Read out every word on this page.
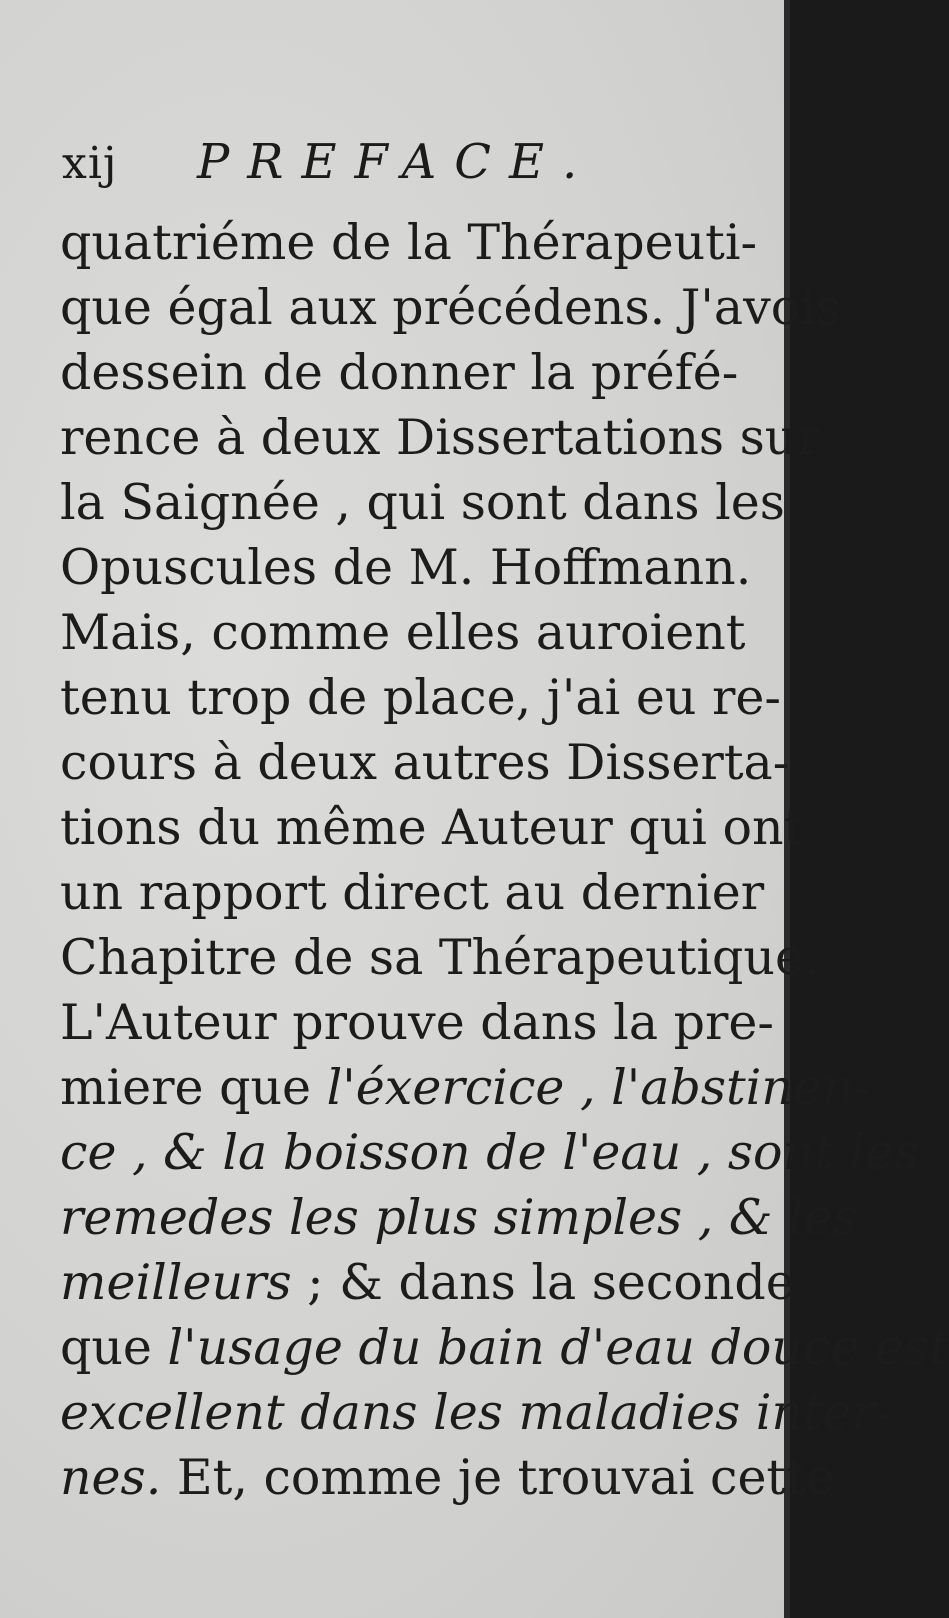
xij PREFACE.
quatriéme de la Thérapeuti-
que égal aux précédens. J'avois
dessein de donner la préfé-
rence à deux Dissertations sur
la Saignée , qui sont dans les
Opuscules de M. Hoffmann.
Mais, comme elles auroient
tenu trop de place, j'ai eu re-
cours à deux autres Disserta-
tions du même Auteur qui ont
un rapport direct au dernier
Chapitre de sa Thérapeutique.
L'Auteur prouve dans la pre-
miere que l'éxercice , l'abstinen-
ce , & la boisson de l'eau , sont les
remedes les plus simples , & les
meilleurs ; & dans la seconde
que l'usage du bain d'eau douce est
excellent dans les maladies inter-
nes. Et, comme je trouvai cette
